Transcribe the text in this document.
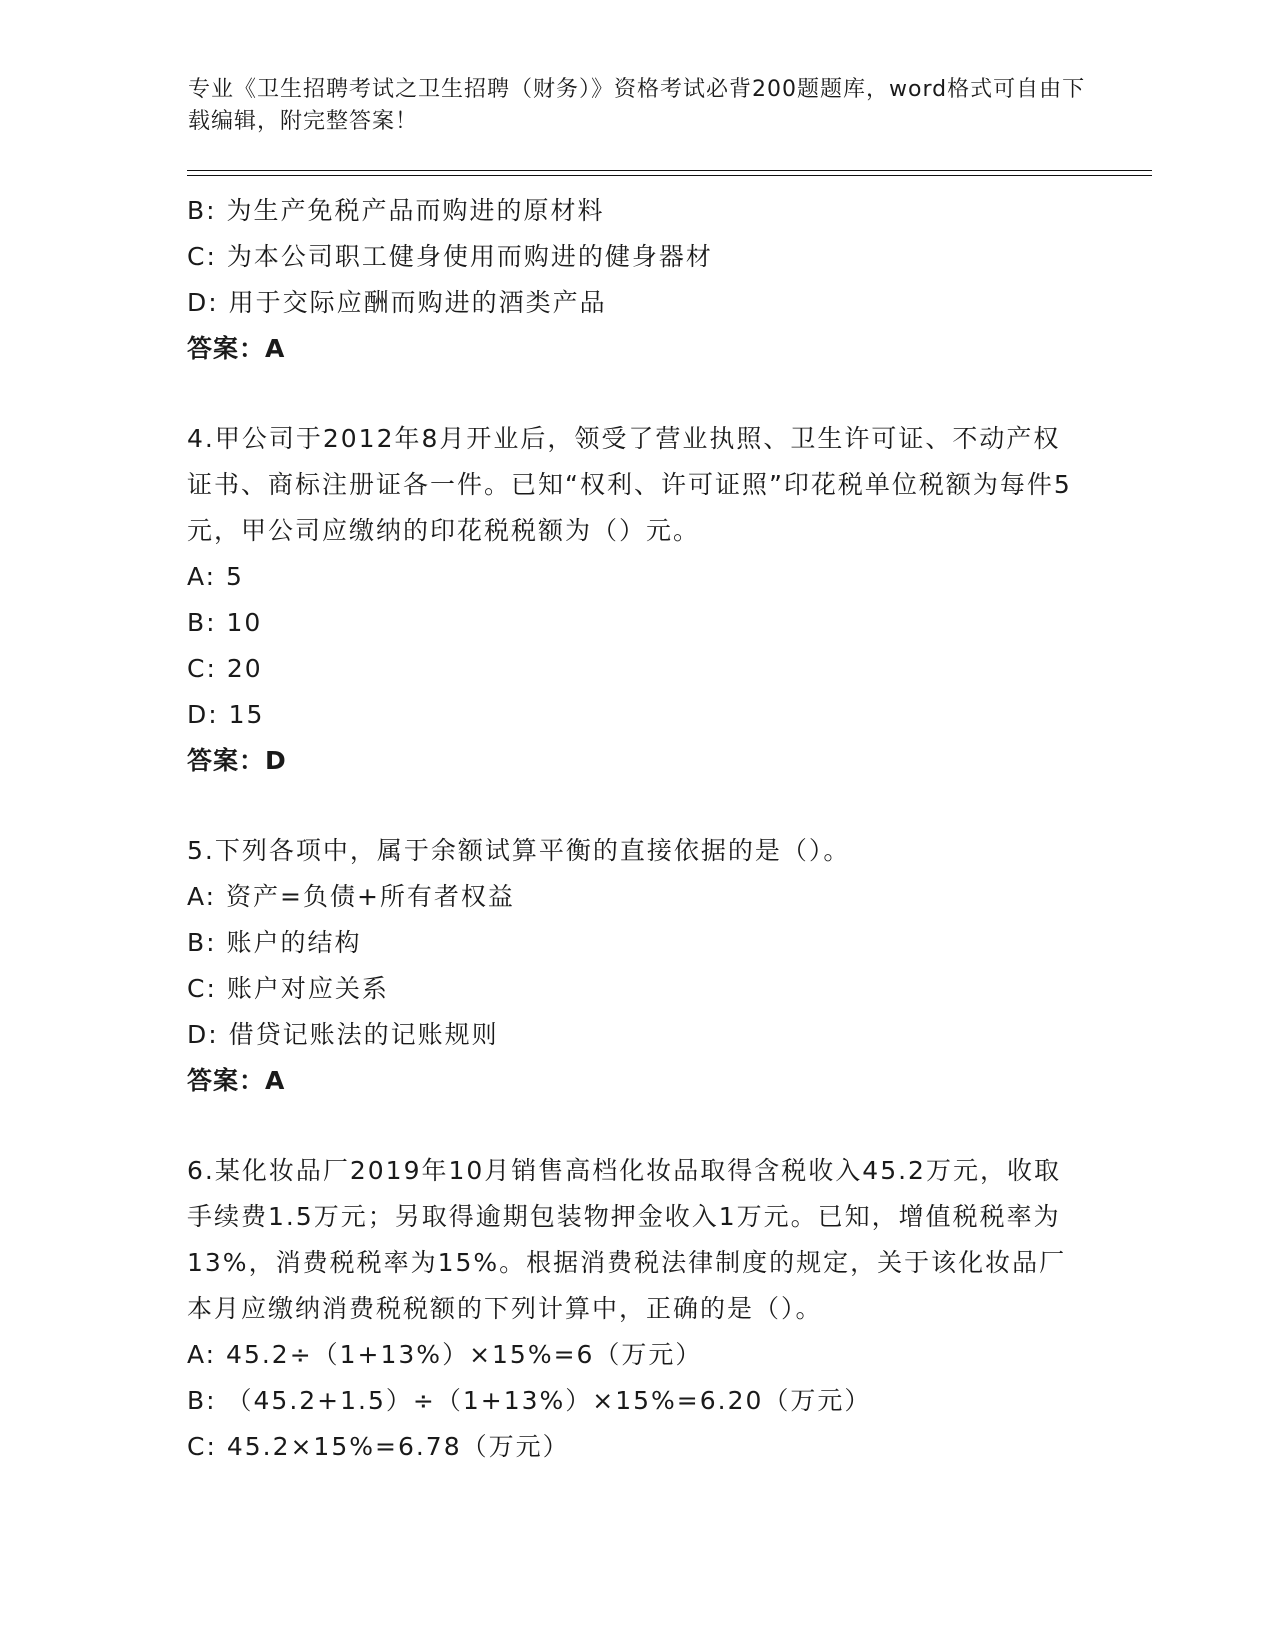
专业《卫生招聘考试之卫生招聘（财务）》资格考试必背200题题库，word格式可自由下载编辑，附完整答案！
B: 为生产免税产品而购进的原材料
C: 为本公司职工健身使用而购进的健身器材
D: 用于交际应酬而购进的酒类产品
答案：A
4.甲公司于2012年8月开业后，领受了营业执照、卫生许可证、不动产权证书、商标注册证各一件。已知“权利、许可证照”印花税单位税额为每件5元，甲公司应缴纳的印花税税额为（）元。
A: 5
B: 10
C: 20
D: 15
答案：D
5.下列各项中，属于余额试算平衡的直接依据的是（）。
A: 资产=负债+所有者权益
B: 账户的结构
C: 账户对应关系
D: 借贷记账法的记账规则
答案：A
6.某化妆品厂2019年10月销售高档化妆品取得含税收入45.2万元，收取手续费1.5万元；另取得逾期包装物押金收入1万元。已知，增值税税率为13%，消费税税率为15%。根据消费税法律制度的规定，关于该化妆品厂本月应缴纳消费税税额的下列计算中，正确的是（）。
A: 45.2÷（1+13%）×15%=6（万元）
B: （45.2+1.5）÷（1+13%）×15%=6.20（万元）
C: 45.2×15%=6.78（万元）
